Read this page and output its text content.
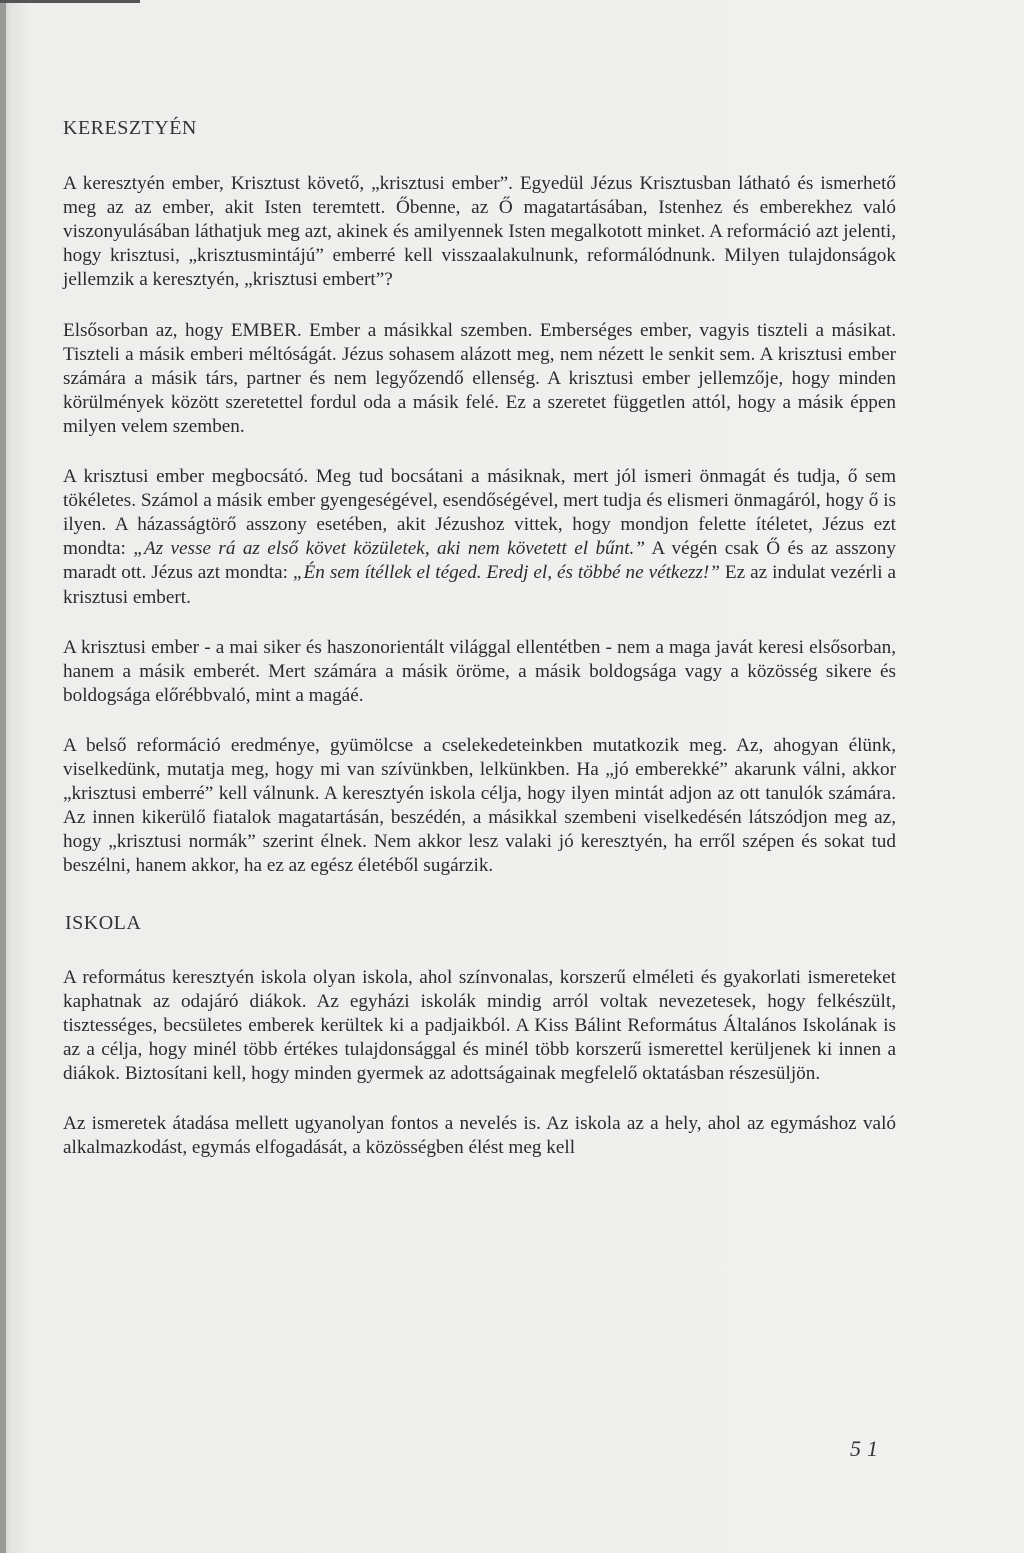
KERESZTYÉN

A keresztyén ember, Krisztust követő, „krisztusi ember”. Egyedül Jézus Krisztusban látható és ismerhető meg az az ember, akit Isten teremtett. Őbenne, az Ő magatartásában, Istenhez és emberekhez való viszonyulásában láthatjuk meg azt, akinek és amilyennek Isten megalkotott minket. A reformáció azt jelenti, hogy krisztusi, „krisztusmintájú” emberré kell visszaalakulnunk, reformálódnunk. Milyen tulajdonságok jellemzik a keresztyén, „krisztusi embert”?

Elsősorban az, hogy EMBER. Ember a másikkal szemben. Emberséges ember, vagyis tiszteli a másikat. Tiszteli a másik emberi méltóságát. Jézus sohasem alázott meg, nem nézett le senkit sem. A krisztusi ember számára a másik társ, partner és nem legyőzendő ellenség. A krisztusi ember jellemzője, hogy minden körülmények között szeretettel fordul oda a másik felé. Ez a szeretet független attól, hogy a másik éppen milyen velem szemben.

A krisztusi ember megbocsátó. Meg tud bocsátani a másiknak, mert jól ismeri önmagát és tudja, ő sem tökéletes. Számol a másik ember gyengeségével, esendőségével, mert tudja és elismeri önmagáról, hogy ő is ilyen. A házasságtörő asszony esetében, akit Jézushoz vittek, hogy mondjon felette ítéletet, Jézus ezt mondta: „Az vesse rá az első követ közületek, aki nem követett el bűnt.” A végén csak Ő és az asszony maradt ott. Jézus azt mondta: „Én sem ítéllek el téged. Eredj el, és többé ne vétkezz!” Ez az indulat vezérli a krisztusi embert.

A krisztusi ember - a mai siker és haszonorientált világgal ellentétben - nem a maga javát keresi elsősorban, hanem a másik emberét. Mert számára a másik öröme, a másik boldogsága vagy a közösség sikere és boldogsága előrébbvaló, mint a magáé.

A belső reformáció eredménye, gyümölcse a cselekedeteinkben mutatkozik meg. Az, ahogyan élünk, viselkedünk, mutatja meg, hogy mi van szívünkben, lelkünkben. Ha „jó emberekké” akarunk válni, akkor „krisztusi emberré” kell válnunk. A keresztyén iskola célja, hogy ilyen mintát adjon az ott tanulók számára. Az innen kikerülő fiatalok magatartásán, beszédén, a másikkal szembeni viselkedésén látszódjon meg az, hogy „krisztusi normák” szerint élnek. Nem akkor lesz valaki jó keresztyén, ha erről szépen és sokat tud beszélni, hanem akkor, ha ez az egész életéből sugárzik.

ISKOLA

A református keresztyén iskola olyan iskola, ahol színvonalas, korszerű elméleti és gyakorlati ismereteket kaphatnak az odajáró diákok. Az egyházi iskolák mindig arról voltak nevezetesek, hogy felkészült, tisztességes, becsületes emberek kerültek ki a padjaikból. A Kiss Bálint Református Általános Iskolának is az a célja, hogy minél több értékes tulajdonsággal és minél több korszerű ismerettel kerüljenek ki innen a diákok. Biztosítani kell, hogy minden gyermek az adottságainak megfelelő oktatásban részesüljön.

Az ismeretek átadása mellett ugyanolyan fontos a nevelés is. Az iskola az a hely, ahol az egymáshoz való alkalmazkodást, egymás elfogadását, a közösségben élést meg kell

51
